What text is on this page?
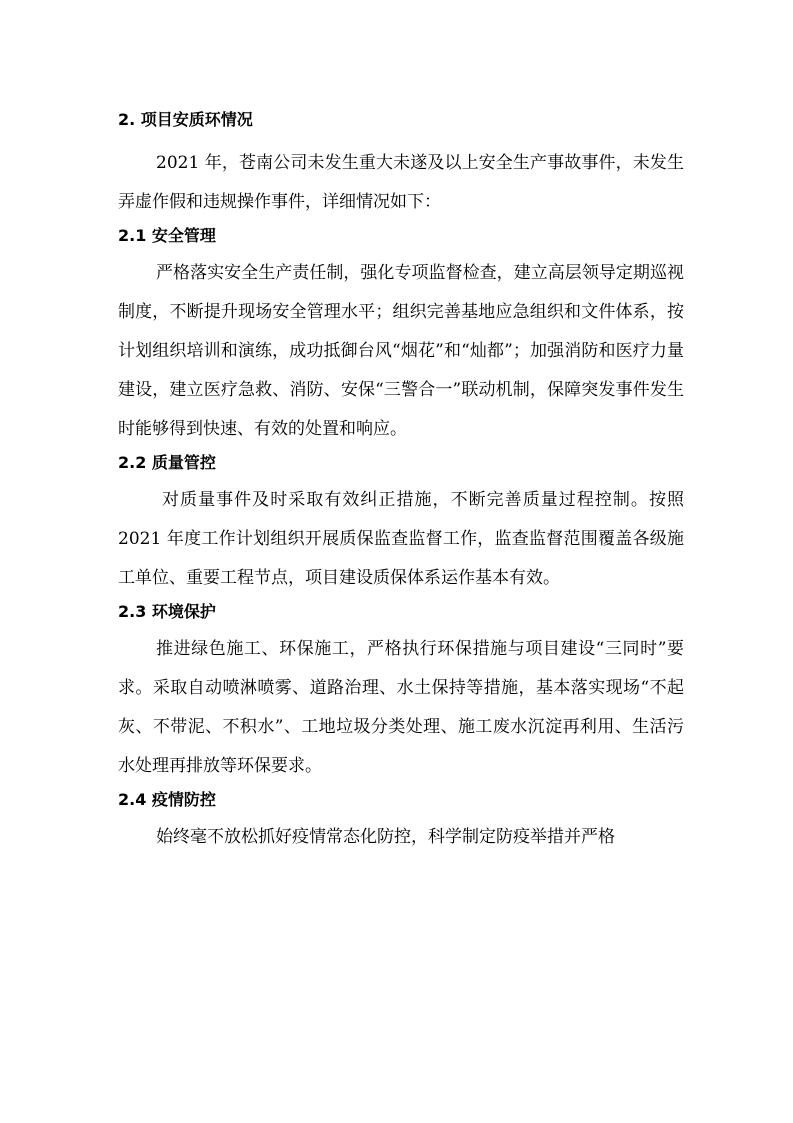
2. 项目安质环情况

2021 年，苍南公司未发生重大未遂及以上安全生产事故事件，未发生弄虚作假和违规操作事件，详细情况如下：

2.1 安全管理

严格落实安全生产责任制，强化专项监督检查，建立高层领导定期巡视制度，不断提升现场安全管理水平；组织完善基地应急组织和文件体系，按计划组织培训和演练，成功抵御台风“烟花”和“灿都”；加强消防和医疗力量建设，建立医疗急救、消防、安保“三警合一”联动机制，保障突发事件发生时能够得到快速、有效的处置和响应。

2.2 质量管控

对质量事件及时采取有效纠正措施，不断完善质量过程控制。按照 2021 年度工作计划组织开展质保监查监督工作，监查监督范围覆盖各级施工单位、重要工程节点，项目建设质保体系运作基本有效。

2.3 环境保护

推进绿色施工、环保施工，严格执行环保措施与项目建设“三同时”要求。采取自动喷淋喷雾、道路治理、水土保持等措施，基本落实现场“不起灰、不带泥、不积水”、工地垃圾分类处理、施工废水沉淀再利用、生活污水处理再排放等环保要求。

2.4 疫情防控

始终毫不放松抓好疫情常态化防控，科学制定防疫举措并严格
